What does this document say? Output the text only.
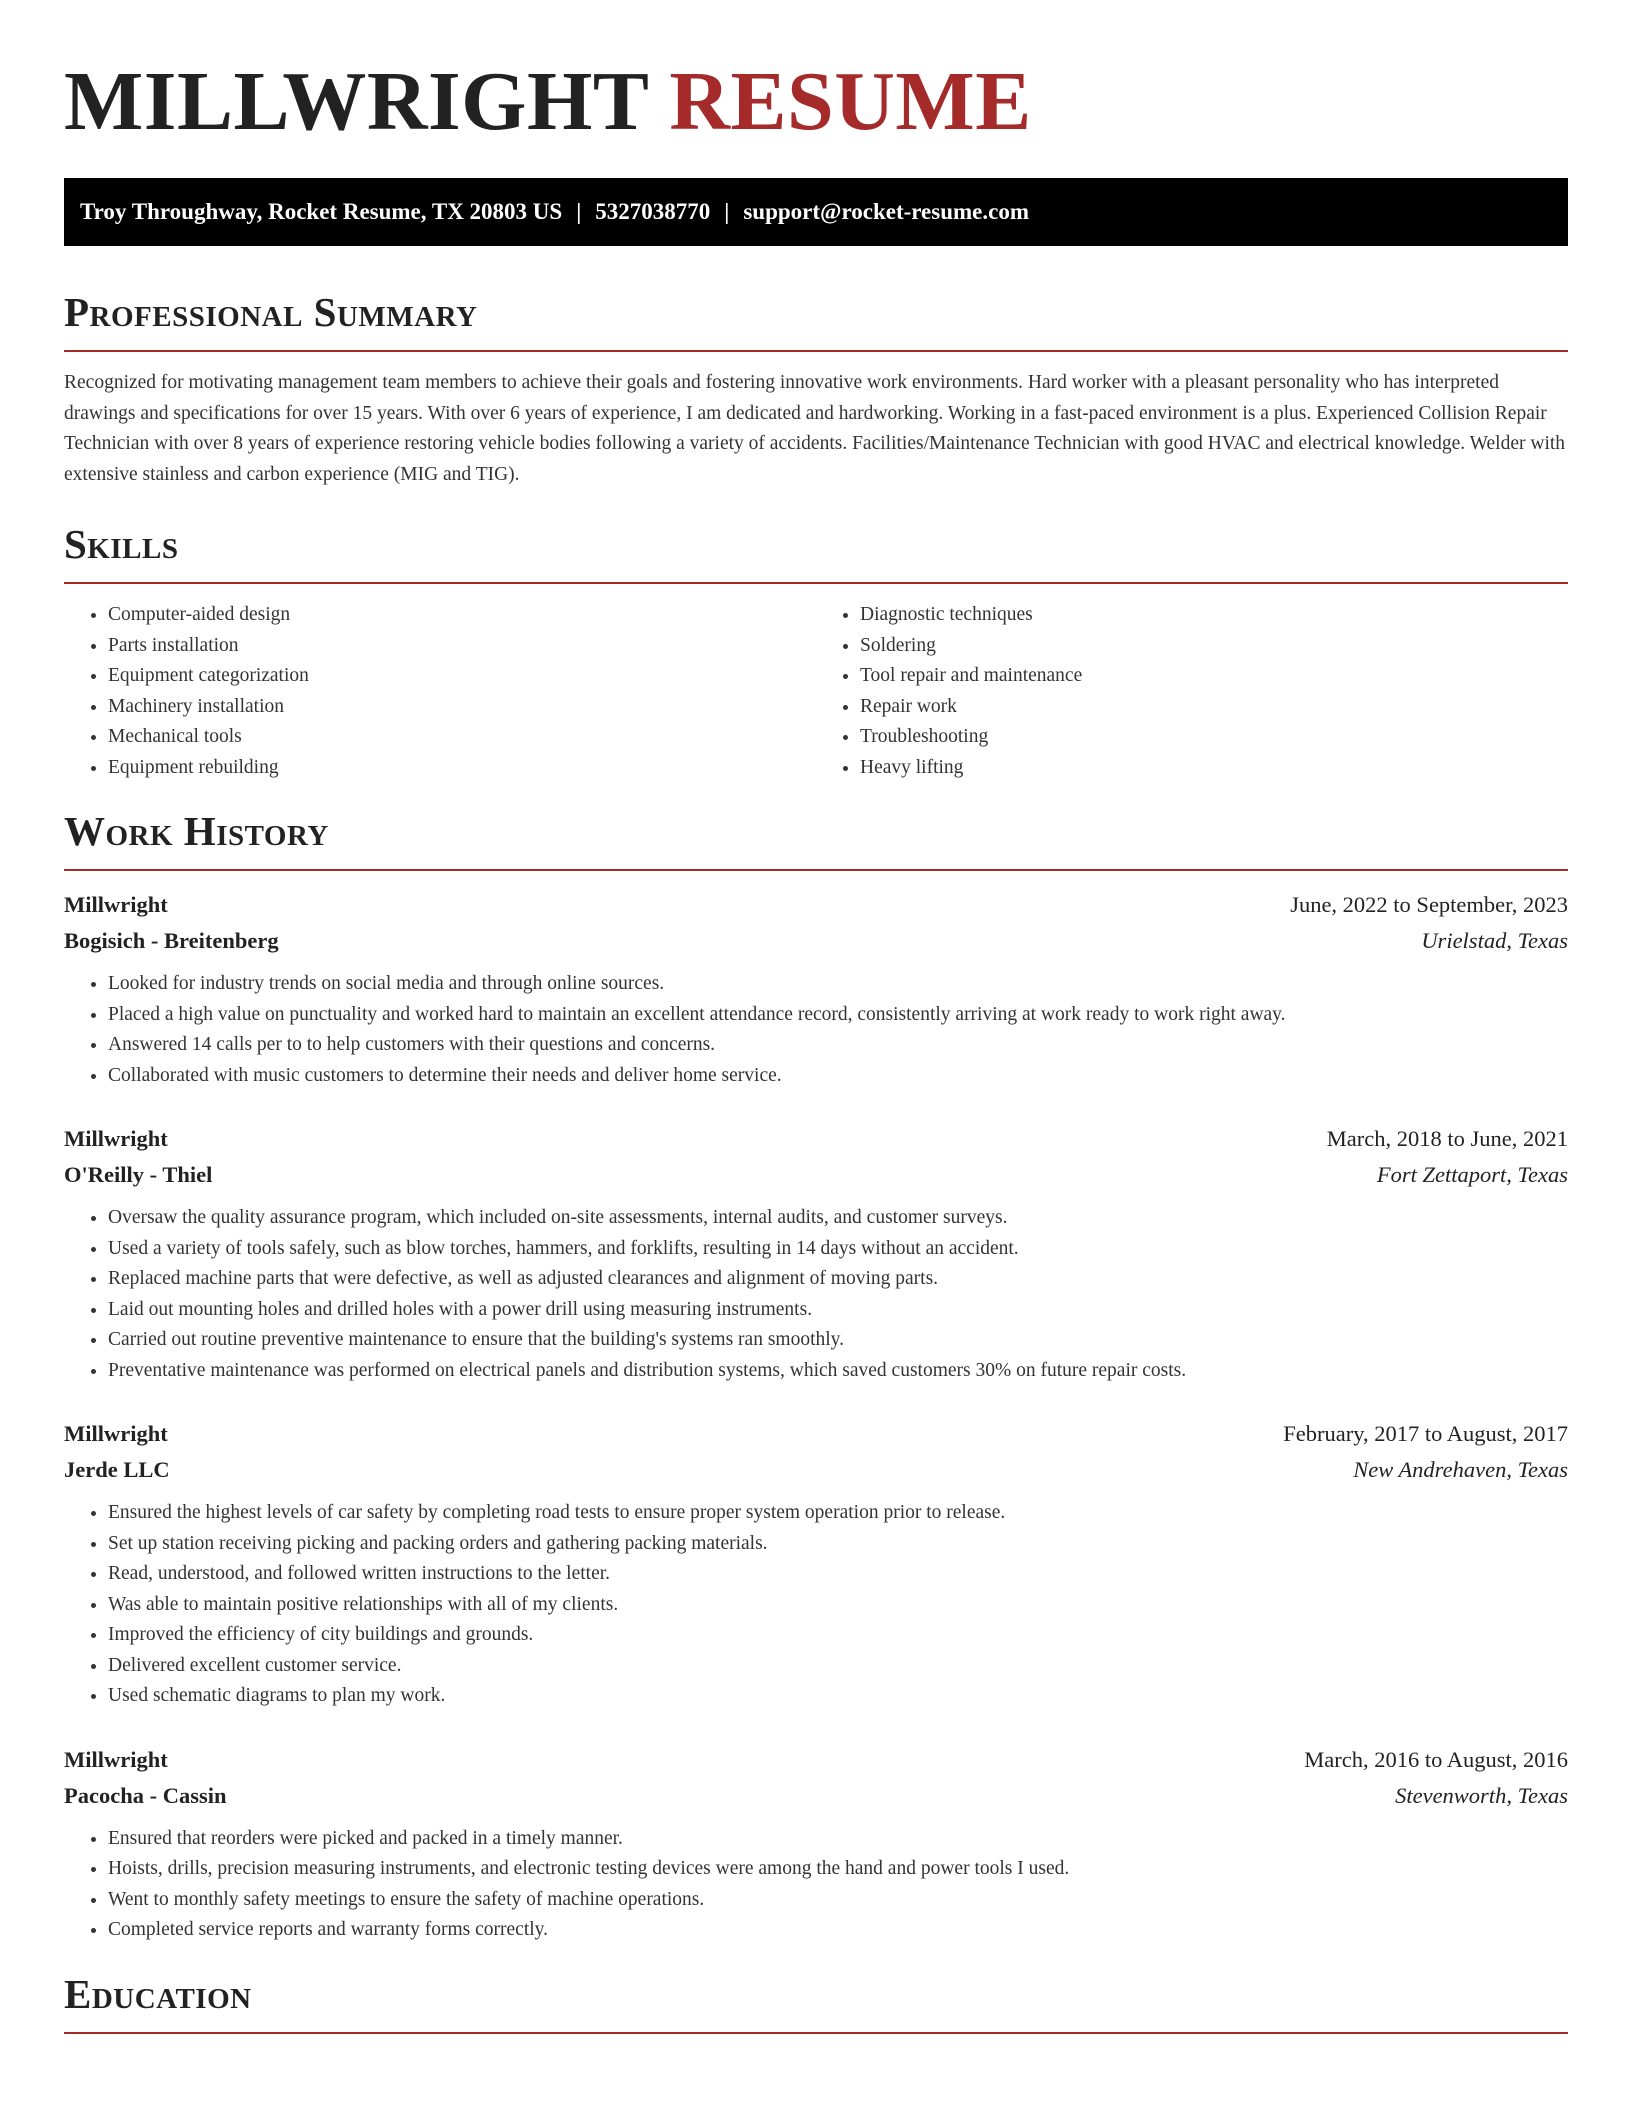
MILLWRIGHT RESUME
Troy Throughway, Rocket Resume, TX 20803 US | 5327038770 | support@rocket-resume.com
Professional Summary

Recognized for motivating management team members to achieve their goals and fostering innovative work environments. Hard worker with a pleasant personality who has interpreted drawings and specifications for over 15 years. With over 6 years of experience, I am dedicated and hardworking. Working in a fast-paced environment is a plus. Experienced Collision Repair Technician with over 8 years of experience restoring vehicle bodies following a variety of accidents. Facilities/Maintenance Technician with good HVAC and electrical knowledge. Welder with extensive stainless and carbon experience (MIG and TIG).

Skills
• Computer-aided design
• Parts installation
• Equipment categorization
• Machinery installation
• Mechanical tools
• Equipment rebuilding
• Diagnostic techniques
• Soldering
• Tool repair and maintenance
• Repair work
• Troubleshooting
• Heavy lifting
Work History
Millwright	June, 2022 to September, 2023
Bogisich - Breitenberg	Urielstad, Texas
• Looked for industry trends on social media and through online sources.
• Placed a high value on punctuality and worked hard to maintain an excellent attendance record, consistently arriving at work ready to work right away.
• Answered 14 calls per to to help customers with their questions and concerns.
• Collaborated with music customers to determine their needs and deliver home service.
Millwright	March, 2018 to June, 2021
O'Reilly - Thiel	Fort Zettaport, Texas
• Oversaw the quality assurance program, which included on-site assessments, internal audits, and customer surveys.
• Used a variety of tools safely, such as blow torches, hammers, and forklifts, resulting in 14 days without an accident.
• Replaced machine parts that were defective, as well as adjusted clearances and alignment of moving parts.
• Laid out mounting holes and drilled holes with a power drill using measuring instruments.
• Carried out routine preventive maintenance to ensure that the building's systems ran smoothly.
• Preventative maintenance was performed on electrical panels and distribution systems, which saved customers 30% on future repair costs.
Millwright	February, 2017 to August, 2017
Jerde LLC	New Andrehaven, Texas
• Ensured the highest levels of car safety by completing road tests to ensure proper system operation prior to release.
• Set up station receiving picking and packing orders and gathering packing materials.
• Read, understood, and followed written instructions to the letter.
• Was able to maintain positive relationships with all of my clients.
• Improved the efficiency of city buildings and grounds.
• Delivered excellent customer service.
• Used schematic diagrams to plan my work.
Millwright	March, 2016 to August, 2016
Pacocha - Cassin	Stevenworth, Texas
• Ensured that reorders were picked and packed in a timely manner.
• Hoists, drills, precision measuring instruments, and electronic testing devices were among the hand and power tools I used.
• Went to monthly safety meetings to ensure the safety of machine operations.
• Completed service reports and warranty forms correctly.
Education
